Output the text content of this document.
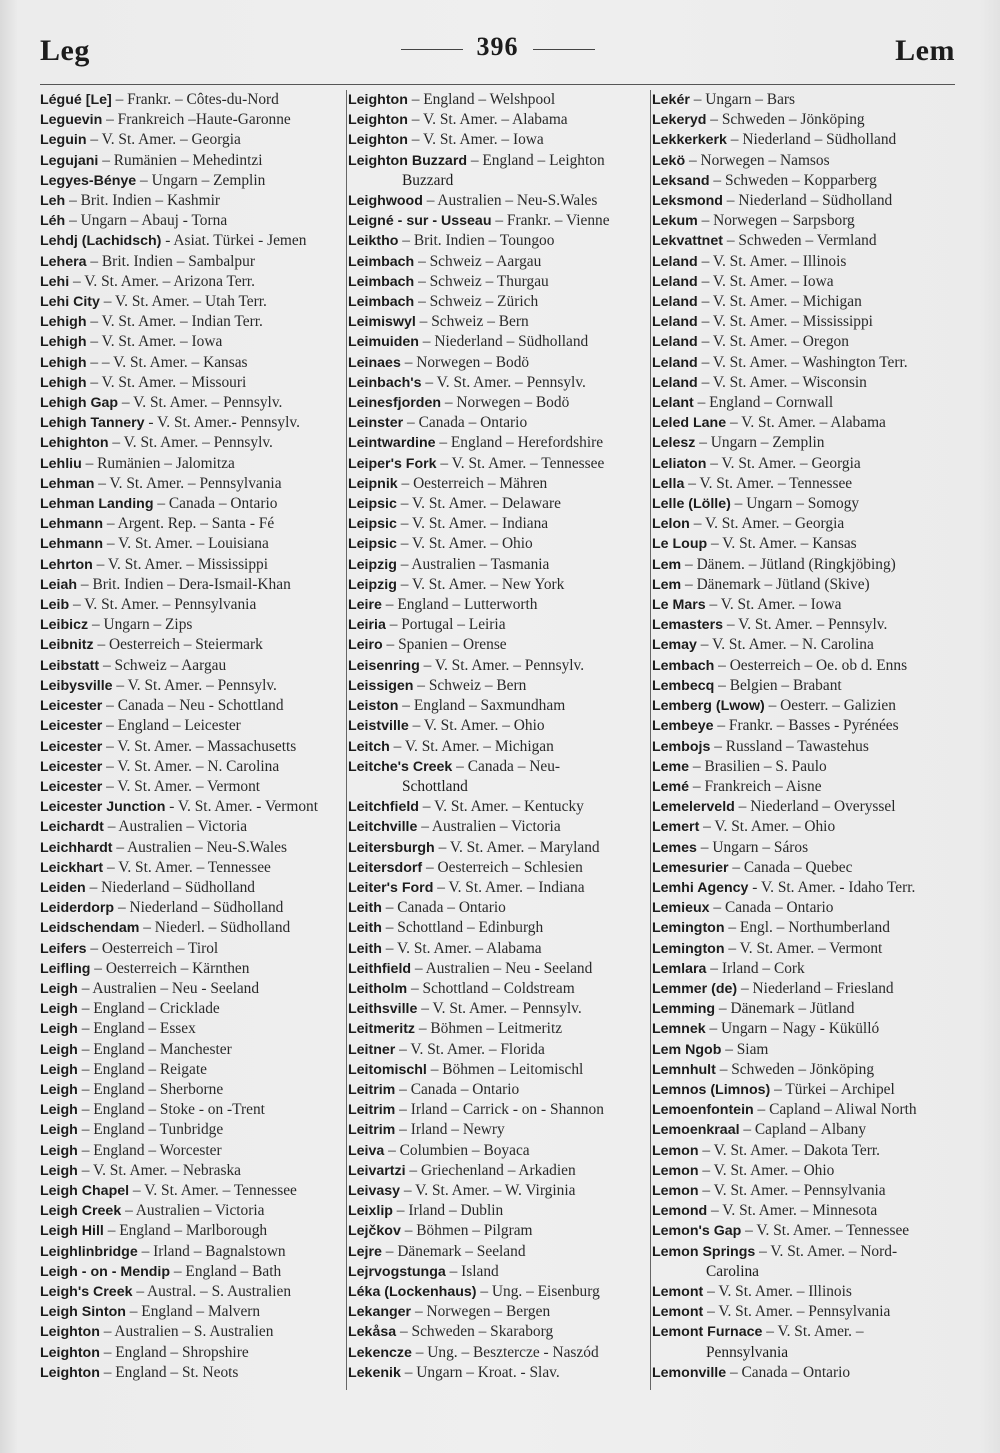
Leg	396	Lem
Légué [Le] – Frankr. – Côtes-du-Nord
Leguevin – Frankreich –Haute-Garonne
Leguin – V. St. Amer. – Georgia
Legujani – Rumänien – Mehedintzi
Legyes-Bénye – Ungarn – Zemplin
Leh – Brit. Indien – Kashmir
Léh – Ungarn – Abauj - Torna
Lehdj (Lachidsch) - Asiat. Türkei - Jemen
Lehera – Brit. Indien – Sambalpur
Lehi – V. St. Amer. – Arizona Terr.
Lehi City – V. St. Amer. – Utah Terr.
Lehigh – V. St. Amer. – Indian Terr.
Lehigh – V. St. Amer. – Iowa
Lehigh – – V. St. Amer. – Kansas
Lehigh – V. St. Amer. – Missouri
Lehigh Gap – V. St. Amer. – Pennsylv.
Lehigh Tannery - V. St. Amer.- Pennsylv.
Lehighton – V. St. Amer. – Pennsylv.
Lehliu – Rumänien – Jalomitza
Lehman – V. St. Amer. – Pennsylvania
Lehman Landing – Canada – Ontario
Lehmann – Argent. Rep. – Santa - Fé
Lehmann – V. St. Amer. – Louisiana
Lehrton – V. St. Amer. – Mississippi
Leiah – Brit. Indien – Dera-Ismail-Khan
Leib – V. St. Amer. – Pennsylvania
Leibicz – Ungarn – Zips
Leibnitz – Oesterreich – Steiermark
Leibstatt – Schweiz – Aargau
Leibysville – V. St. Amer. – Pennsylv.
Leicester – Canada – Neu - Schottland
Leicester – England – Leicester
Leicester – V. St. Amer. – Massachusetts
Leicester – V. St. Amer. – N. Carolina
Leicester – V. St. Amer. – Vermont
Leicester Junction - V. St. Amer. - Vermont
Leichardt – Australien – Victoria
Leichhardt – Australien – Neu-S.Wales
Leickhart – V. St. Amer. – Tennessee
Leiden – Niederland – Südholland
Leiderdorp – Niederland – Südholland
Leidschendam – Niederl. – Südholland
Leifers – Oesterreich – Tirol
Leifling – Oesterreich – Kärnthen
Leigh – Australien – Neu - Seeland
Leigh – England – Cricklade
Leigh – England – Essex
Leigh – England – Manchester
Leigh – England – Reigate
Leigh – England – Sherborne
Leigh – England – Stoke - on -Trent
Leigh – England – Tunbridge
Leigh – England – Worcester
Leigh – V. St. Amer. – Nebraska
Leigh Chapel – V. St. Amer. – Tennessee
Leigh Creek – Australien – Victoria
Leigh Hill – England – Marlborough
Leighlinbridge – Irland – Bagnalstown
Leigh - on - Mendip – England – Bath
Leigh's Creek – Austral. – S. Australien
Leigh Sinton – England – Malvern
Leighton – Australien – S. Australien
Leighton – England – Shropshire
Leighton – England – St. Neots
Leighton – England – Welshpool
Leighton – V. St. Amer. – Alabama
Leighton – V. St. Amer. – Iowa
Leighton Buzzard – England – Leighton
Buzzard
Leighwood – Australien – Neu-S.Wales
Leigné - sur - Usseau – Frankr. – Vienne
Leiktho – Brit. Indien – Toungoo
Leimbach – Schweiz – Aargau
Leimbach – Schweiz – Thurgau
Leimbach – Schweiz – Zürich
Leimiswyl – Schweiz – Bern
Leimuiden – Niederland – Südholland
Leinaes – Norwegen – Bodö
Leinbach's – V. St. Amer. – Pennsylv.
Leinesfjorden – Norwegen – Bodö
Leinster – Canada – Ontario
Leintwardine – England – Herefordshire
Leiper's Fork – V. St. Amer. – Tennessee
Leipnik – Oesterreich – Mähren
Leipsic – V. St. Amer. – Delaware
Leipsic – V. St. Amer. – Indiana
Leipsic – V. St. Amer. – Ohio
Leipzig – Australien – Tasmania
Leipzig – V. St. Amer. – New York
Leire – England – Lutterworth
Leiria – Portugal – Leiria
Leiro – Spanien – Orense
Leisenring – V. St. Amer. – Pennsylv.
Leissigen – Schweiz – Bern
Leiston – England – Saxmundham
Leistville – V. St. Amer. – Ohio
Leitch – V. St. Amer. – Michigan
Leitche's Creek – Canada – Neu-
Schottland
Leitchfield – V. St. Amer. – Kentucky
Leitchville – Australien – Victoria
Leitersburgh – V. St. Amer. – Maryland
Leitersdorf – Oesterreich – Schlesien
Leiter's Ford – V. St. Amer. – Indiana
Leith – Canada – Ontario
Leith – Schottland – Edinburgh
Leith – V. St. Amer. – Alabama
Leithfield – Australien – Neu - Seeland
Leitholm – Schottland – Coldstream
Leithsville – V. St. Amer. – Pennsylv.
Leitmeritz – Böhmen – Leitmeritz
Leitner – V. St. Amer. – Florida
Leitomischl – Böhmen – Leitomischl
Leitrim – Canada – Ontario
Leitrim – Irland – Carrick - on - Shannon
Leitrim – Irland – Newry
Leiva – Columbien – Boyaca
Leivartzi – Griechenland – Arkadien
Leivasy – V. St. Amer. – W. Virginia
Leixlip – Irland – Dublin
Lejčkov – Böhmen – Pilgram
Lejre – Dänemark – Seeland
Lejrvogstunga – Island
Léka (Lockenhaus) – Ung. – Eisenburg
Lekanger – Norwegen – Bergen
Lekåsa – Schweden – Skaraborg
Lekencze – Ung. – Besztercze - Naszód
Lekenik – Ungarn – Kroat. - Slav.
Lekér – Ungarn – Bars
Lekeryd – Schweden – Jönköping
Lekkerkerk – Niederland – Südholland
Lekö – Norwegen – Namsos
Leksand – Schweden – Kopparberg
Leksmond – Niederland – Südholland
Lekum – Norwegen – Sarpsborg
Lekvattnet – Schweden – Vermland
Leland – V. St. Amer. – Illinois
Leland – V. St. Amer. – Iowa
Leland – V. St. Amer. – Michigan
Leland – V. St. Amer. – Mississippi
Leland – V. St. Amer. – Oregon
Leland – V. St. Amer. – Washington Terr.
Leland – V. St. Amer. – Wisconsin
Lelant – England – Cornwall
Leled Lane – V. St. Amer. – Alabama
Lelesz – Ungarn – Zemplin
Leliaton – V. St. Amer. – Georgia
Lella – V. St. Amer. – Tennessee
Lelle (Lölle) – Ungarn – Somogy
Lelon – V. St. Amer. – Georgia
Le Loup – V. St. Amer. – Kansas
Lem – Dänem. – Jütland (Ringkjöbing)
Lem – Dänemark – Jütland (Skive)
Le Mars – V. St. Amer. – Iowa
Lemasters – V. St. Amer. – Pennsylv.
Lemay – V. St. Amer. – N. Carolina
Lembach – Oesterreich – Oe. ob d. Enns
Lembecq – Belgien – Brabant
Lemberg (Lwow) – Oesterr. – Galizien
Lembeye – Frankr. – Basses - Pyrénées
Lembojs – Russland – Tawastehus
Leme – Brasilien – S. Paulo
Lemé – Frankreich – Aisne
Lemelerveld – Niederland – Overyssel
Lemert – V. St. Amer. – Ohio
Lemes – Ungarn – Sáros
Lemesurier – Canada – Quebec
Lemhi Agency - V. St. Amer. - Idaho Terr.
Lemieux – Canada – Ontario
Lemington – Engl. – Northumberland
Lemington – V. St. Amer. – Vermont
Lemlara – Irland – Cork
Lemmer (de) – Niederland – Friesland
Lemming – Dänemark – Jütland
Lemnek – Ungarn – Nagy - Kükülló
Lem Ngob – Siam
Lemnhult – Schweden – Jönköping
Lemnos (Limnos) – Türkei – Archipel
Lemoenfontein – Capland – Aliwal North
Lemoenkraal – Capland – Albany
Lemon – V. St. Amer. – Dakota Terr.
Lemon – V. St. Amer. – Ohio
Lemon – V. St. Amer. – Pennsylvania
Lemond – V. St. Amer. – Minnesota
Lemon's Gap – V. St. Amer. – Tennessee
Lemon Springs – V. St. Amer. – Nord-
Carolina
Lemont – V. St. Amer. – Illinois
Lemont – V. St. Amer. – Pennsylvania
Lemont Furnace – V. St. Amer. –
Pennsylvania
Lemonville – Canada – Ontario
